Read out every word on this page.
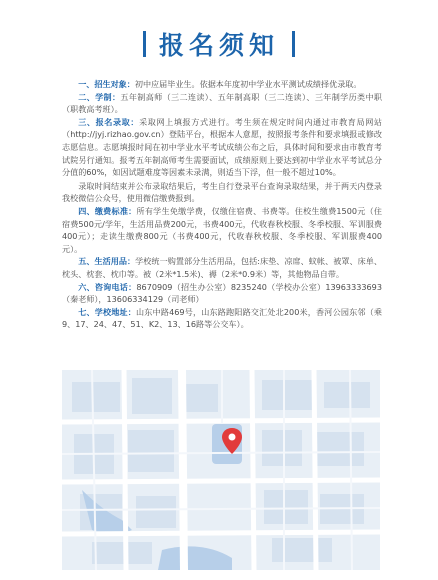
报名须知

一、招生对象：初中应届毕业生。依据本年度初中学业水平测试成绩择优录取。

二、学制：五年制高师（三二连读）、五年制高职（三二连读）、三年制学历类中职（职教高考班）。

三、报名录取：采取网上填报方式进行。考生须在规定时间内通过市教育局网站（http://jyj.rizhao.gov.cn）登陆平台，根据本人意愿，按照报考条件和要求填报或修改志愿信息。志愿填报时间在初中学业水平考试成绩公布之后，具体时间和要求由市教育考试院另行通知。报考五年制高师考生需要面试，成绩原则上要达到初中学业水平考试总分分值的60%，如因试题难度等因素未录满，则适当下浮，但一般不超过10%。

录取时间结束并公布录取结果后，考生自行登录平台查询录取结果，并于两天内登录我校微信公众号，使用微信缴费报到。

四、缴费标准：所有学生免缴学费，仅缴住宿费、书费等。住校生缴费1500元（住宿费500元/学年，生活用品费200元，书费400元，代收春秋校服、冬季校服、军训服费400元）；走读生缴费800元（书费400元，代收春秋校服、冬季校服、军训服费400元）。

五、生活用品：学校统一购置部分生活用品，包括:床垫、凉席、蚊帐、被罩、床单、枕头、枕套、枕巾等。被（2米*1.5米)、褥（2米*0.9米）等，其他物品自带。

六、咨询电话：8670909（招生办公室）8235240（学校办公室）13963333693（秦老师），13606334129（司老师）

七、学校地址：山东中路469号，山东路跑阳路交汇处北200米，香河公园东邻（乘9、17、24、47、51、K2、13、16路等公交车）。
